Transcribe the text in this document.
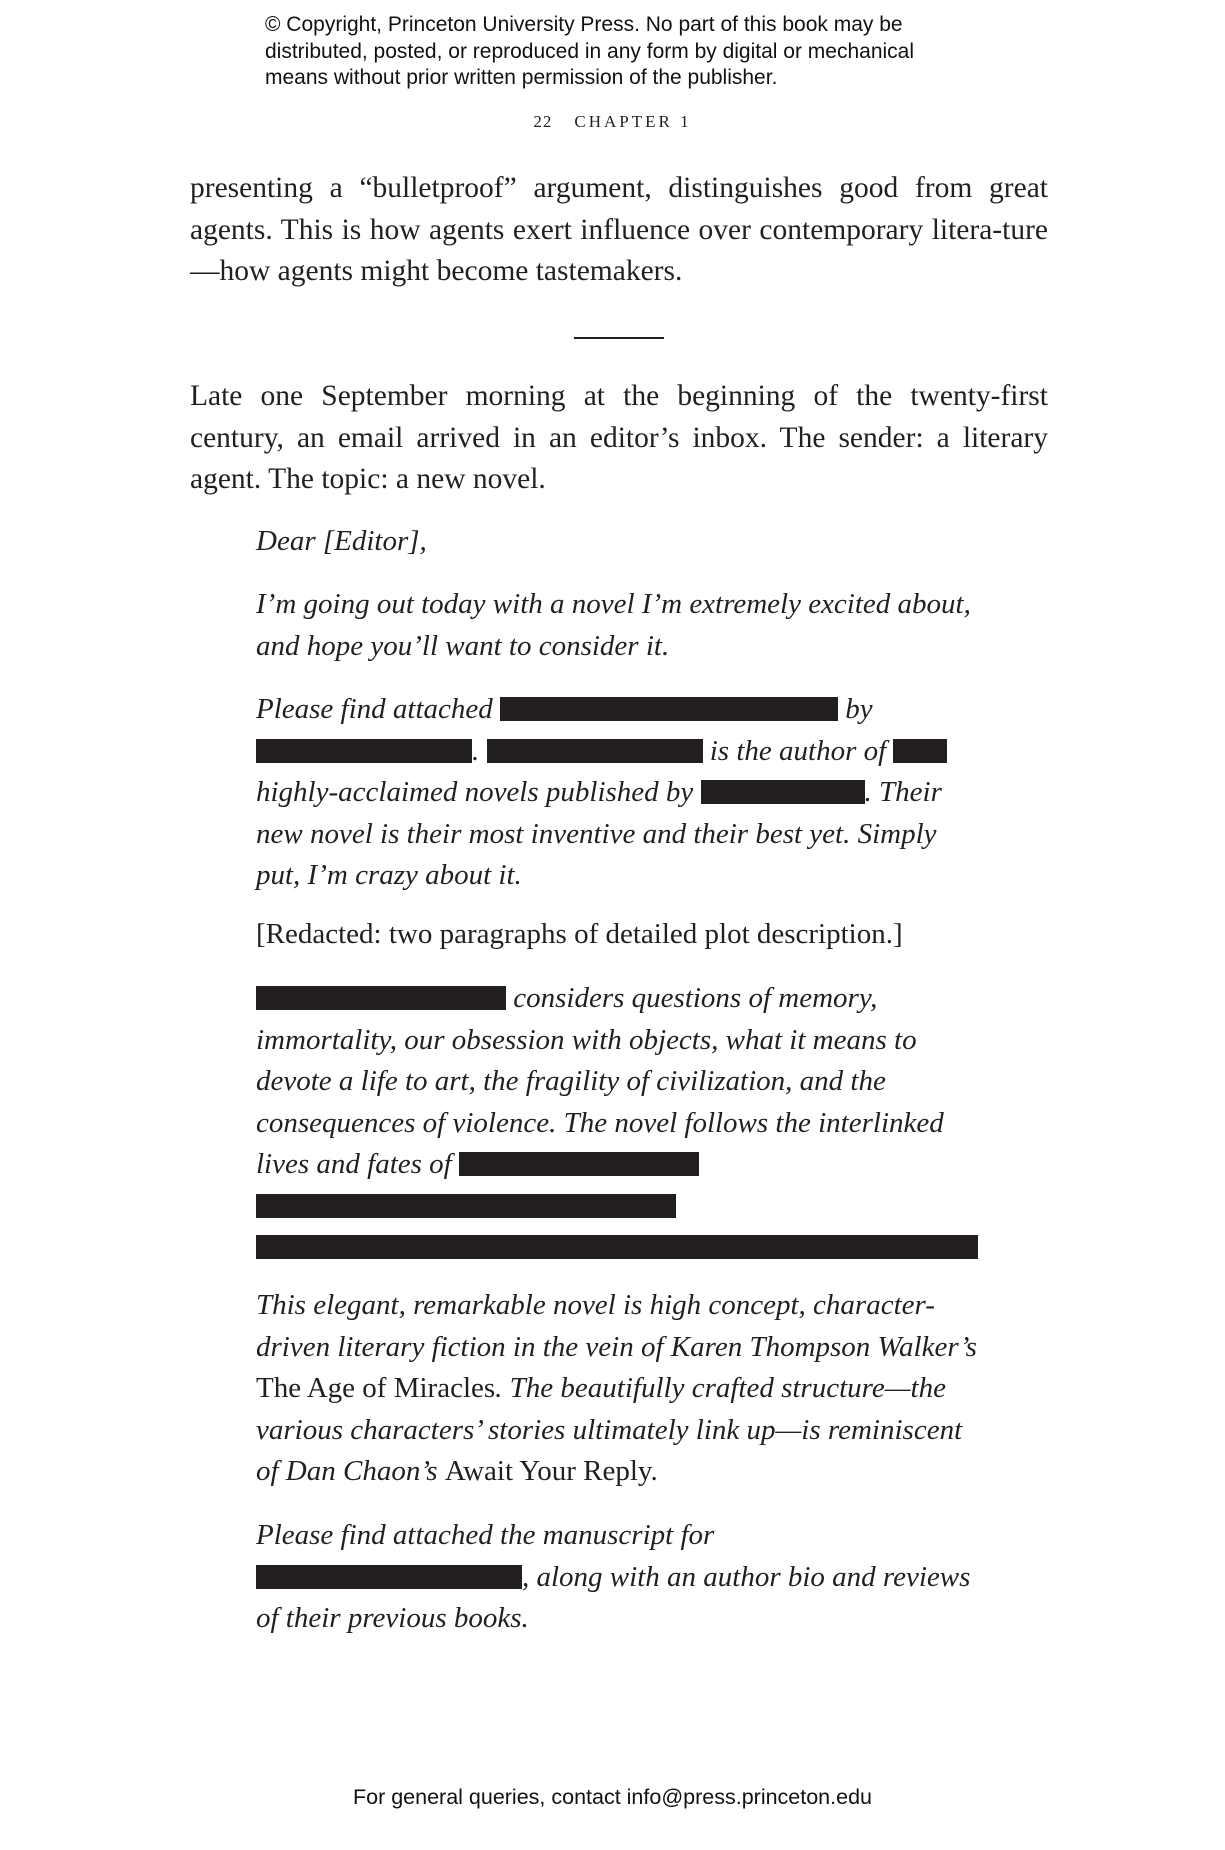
© Copyright, Princeton University Press. No part of this book may be distributed, posted, or reproduced in any form by digital or mechanical means without prior written permission of the publisher.
22 CHAPTER 1

presenting a “bulletproof” argument, distinguishes good from great agents. This is how agents exert influence over contemporary litera-ture—how agents might become tastemakers.

Late one September morning at the beginning of the twenty-first century, an email arrived in an editor’s inbox. The sender: a literary agent. The topic: a new novel.

Dear [Editor],

I’m going out today with a novel I’m extremely excited about, and hope you’ll want to consider it.

Please find attached	by
.	is the author of
highly-acclaimed novels published by	. Their new novel is their most inventive and their best yet. Simply put, I’m crazy about it.

[Redacted: two paragraphs of detailed plot description.]

considers questions of memory, immortality, our obsession with objects, what it means to devote a life to art, the fragility of civilization, and the consequences of violence. The novel follows the interlinked lives and fates of

This elegant, remarkable novel is high concept, character-driven literary fiction in the vein of Karen Thompson Walker’s The Age of Miracles. The beautifully crafted structure—the various characters’ stories ultimately link up—is reminiscent of Dan Chaon’s Await Your Reply.

Please find attached the manuscript for , along with an author bio and reviews of their previous books.

For general queries, contact info@press.princeton.edu
